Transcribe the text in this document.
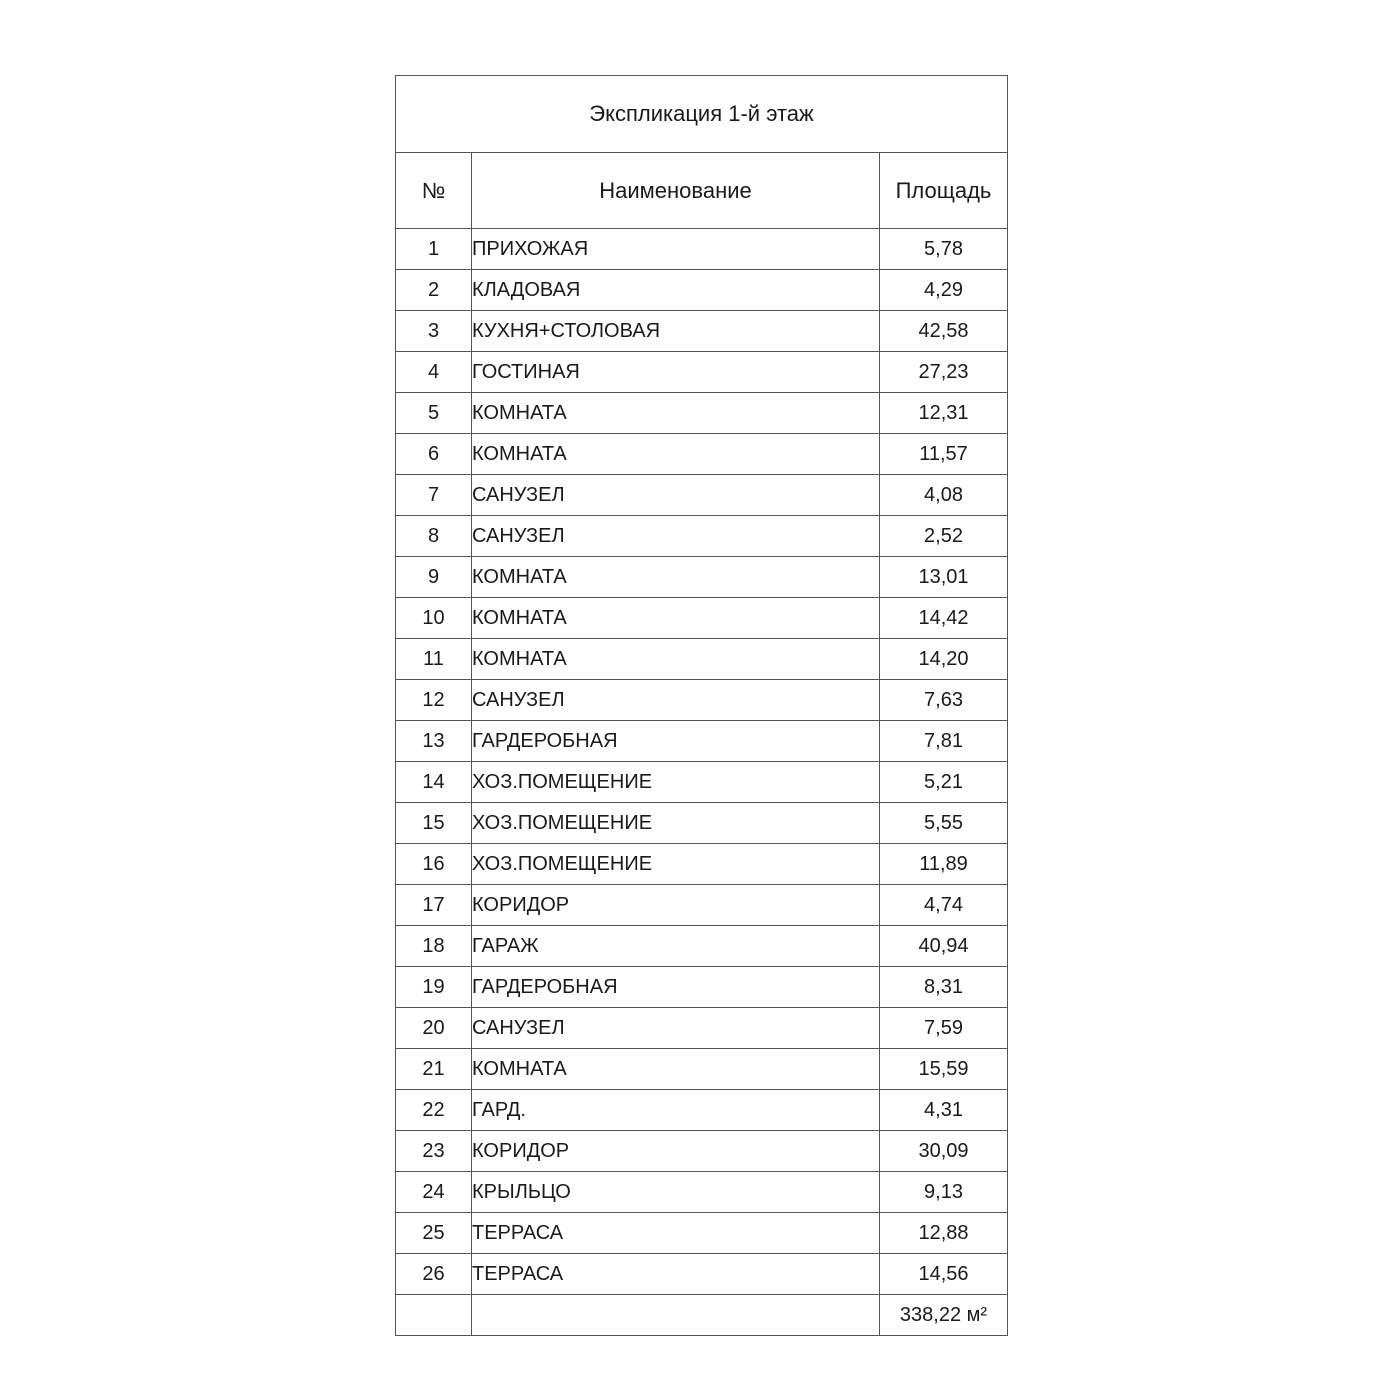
Экспликация 1-й этаж		
№	Наименование	Площадь
1	ПРИХОЖАЯ	5,78
2	КЛАДОВАЯ	4,29
3	КУХНЯ+СТОЛОВАЯ	42,58
4	ГОСТИНАЯ	27,23
5	КОМНАТА	12,31
6	КОМНАТА	11,57
7	САНУЗЕЛ	4,08
8	САНУЗЕЛ	2,52
9	КОМНАТА	13,01
10	КОМНАТА	14,42
11	КОМНАТА	14,20
12	САНУЗЕЛ	7,63
13	ГАРДЕРОБНАЯ	7,81
14	ХОЗ.ПОМЕЩЕНИЕ	5,21
15	ХОЗ.ПОМЕЩЕНИЕ	5,55
16	ХОЗ.ПОМЕЩЕНИЕ	11,89
17	КОРИДОР	4,74
18	ГАРАЖ	40,94
19	ГАРДЕРОБНАЯ	8,31
20	САНУЗЕЛ	7,59
21	КОМНАТА	15,59
22	ГАРД.	4,31
23	КОРИДОР	30,09
24	КРЫЛЬЦО	9,13
25	ТЕРРАСА	12,88
26	ТЕРРАСА	14,56
		338,22 м²
